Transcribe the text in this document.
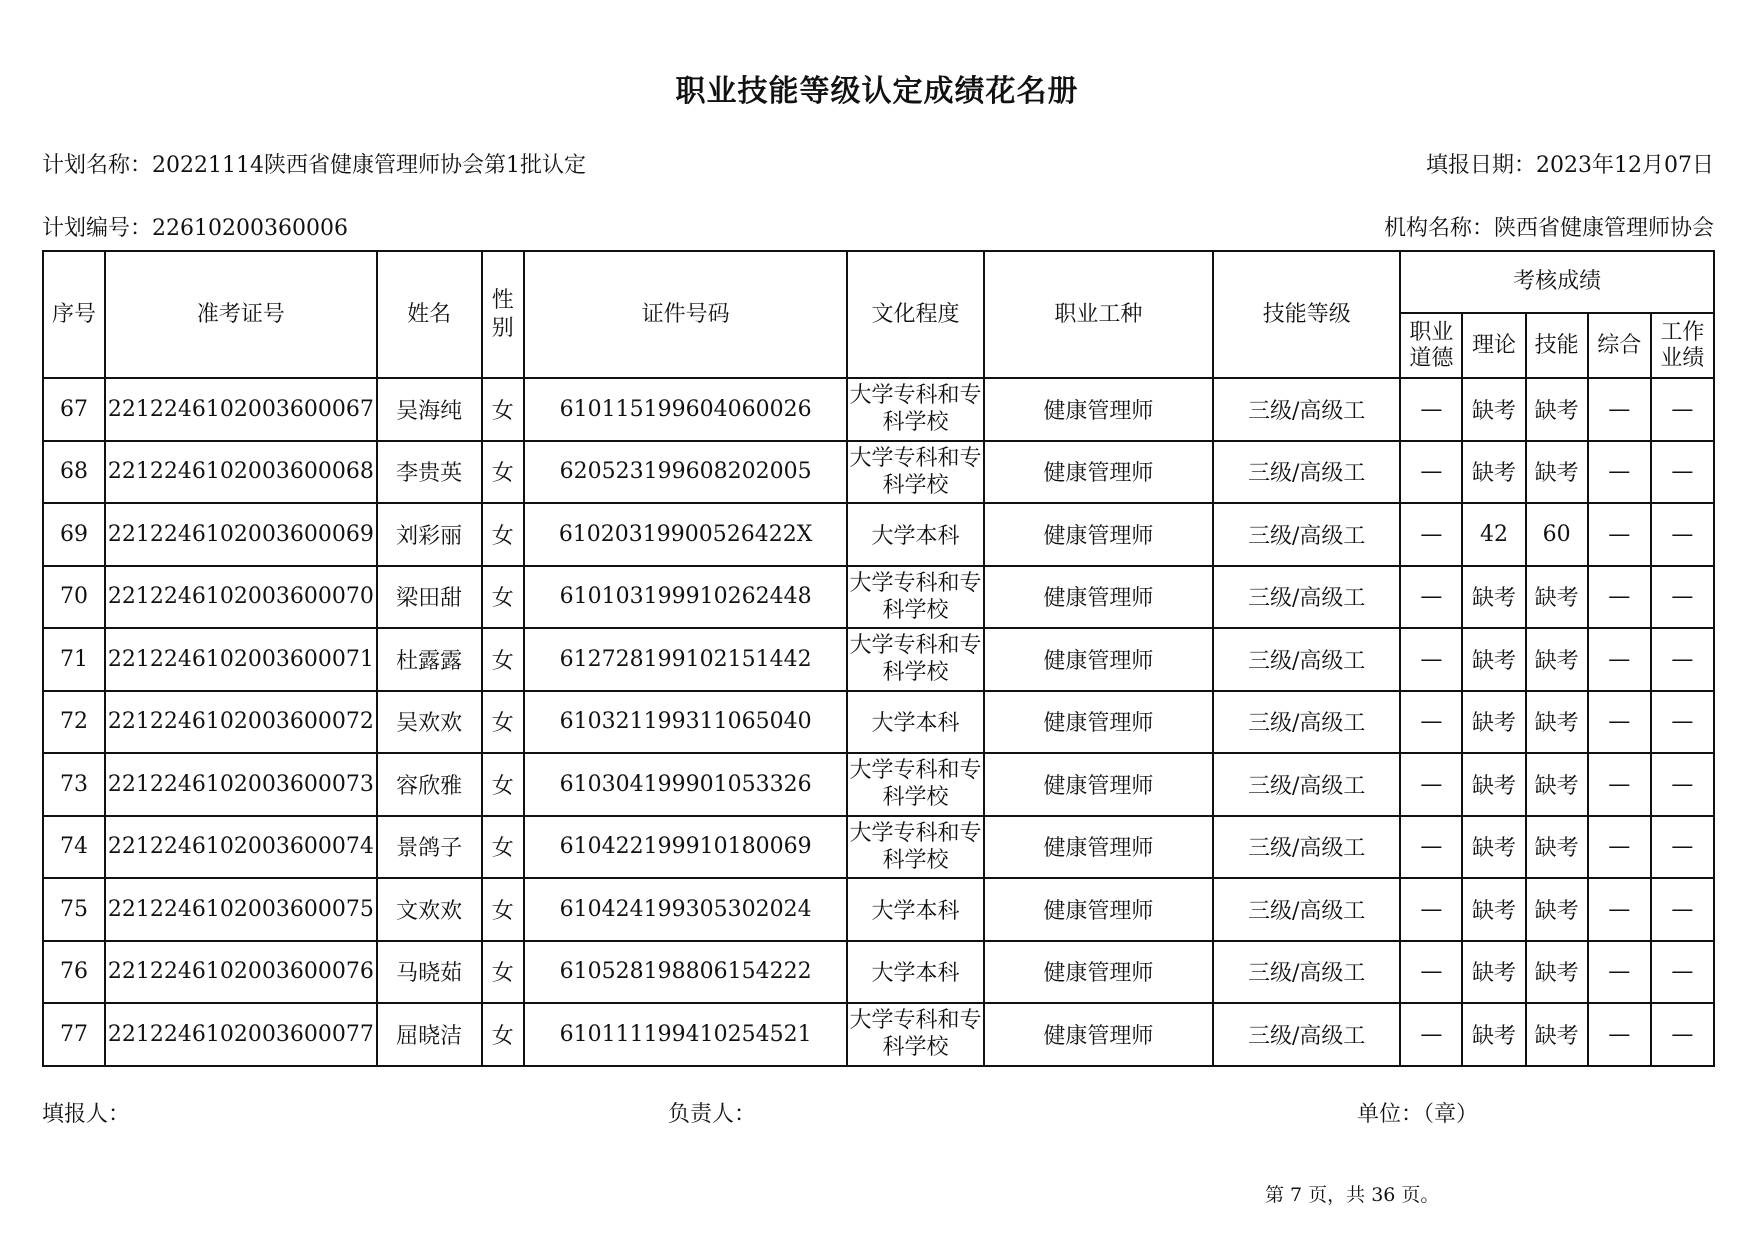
职业技能等级认定成绩花名册
计划名称：20221114陕西省健康管理师协会第1批认定	填报日期：2023年12月07日
计划编号：22610200360006	机构名称：陕西省健康管理师协会
序号	准考证号	姓名	性别	证件号码	文化程度	职业工种	技能等级	考核成绩				
								职业道德	理论	技能	综合	工作业绩
67	2212246102003600067	吴海纯	女	610115199604060026	大学专科和专科学校	健康管理师	三级/高级工	—	缺考	缺考	—	—
68	2212246102003600068	李贵英	女	620523199608202005	大学专科和专科学校	健康管理师	三级/高级工	—	缺考	缺考	—	—
69	2212246102003600069	刘彩丽	女	61020319900526422X	大学本科	健康管理师	三级/高级工	—	42	60	—	—
70	2212246102003600070	梁田甜	女	610103199910262448	大学专科和专科学校	健康管理师	三级/高级工	—	缺考	缺考	—	—
71	2212246102003600071	杜露露	女	612728199102151442	大学专科和专科学校	健康管理师	三级/高级工	—	缺考	缺考	—	—
72	2212246102003600072	吴欢欢	女	610321199311065040	大学本科	健康管理师	三级/高级工	—	缺考	缺考	—	—
73	2212246102003600073	容欣雅	女	610304199901053326	大学专科和专科学校	健康管理师	三级/高级工	—	缺考	缺考	—	—
74	2212246102003600074	景鸽子	女	610422199910180069	大学专科和专科学校	健康管理师	三级/高级工	—	缺考	缺考	—	—
75	2212246102003600075	文欢欢	女	610424199305302024	大学本科	健康管理师	三级/高级工	—	缺考	缺考	—	—
76	2212246102003600076	马晓茹	女	610528198806154222	大学本科	健康管理师	三级/高级工	—	缺考	缺考	—	—
77	2212246102003600077	屈晓洁	女	610111199410254521	大学专科和专科学校	健康管理师	三级/高级工	—	缺考	缺考	—	—
填报人：	负责人：	单位：（章）
第 7 页，共 36 页。
